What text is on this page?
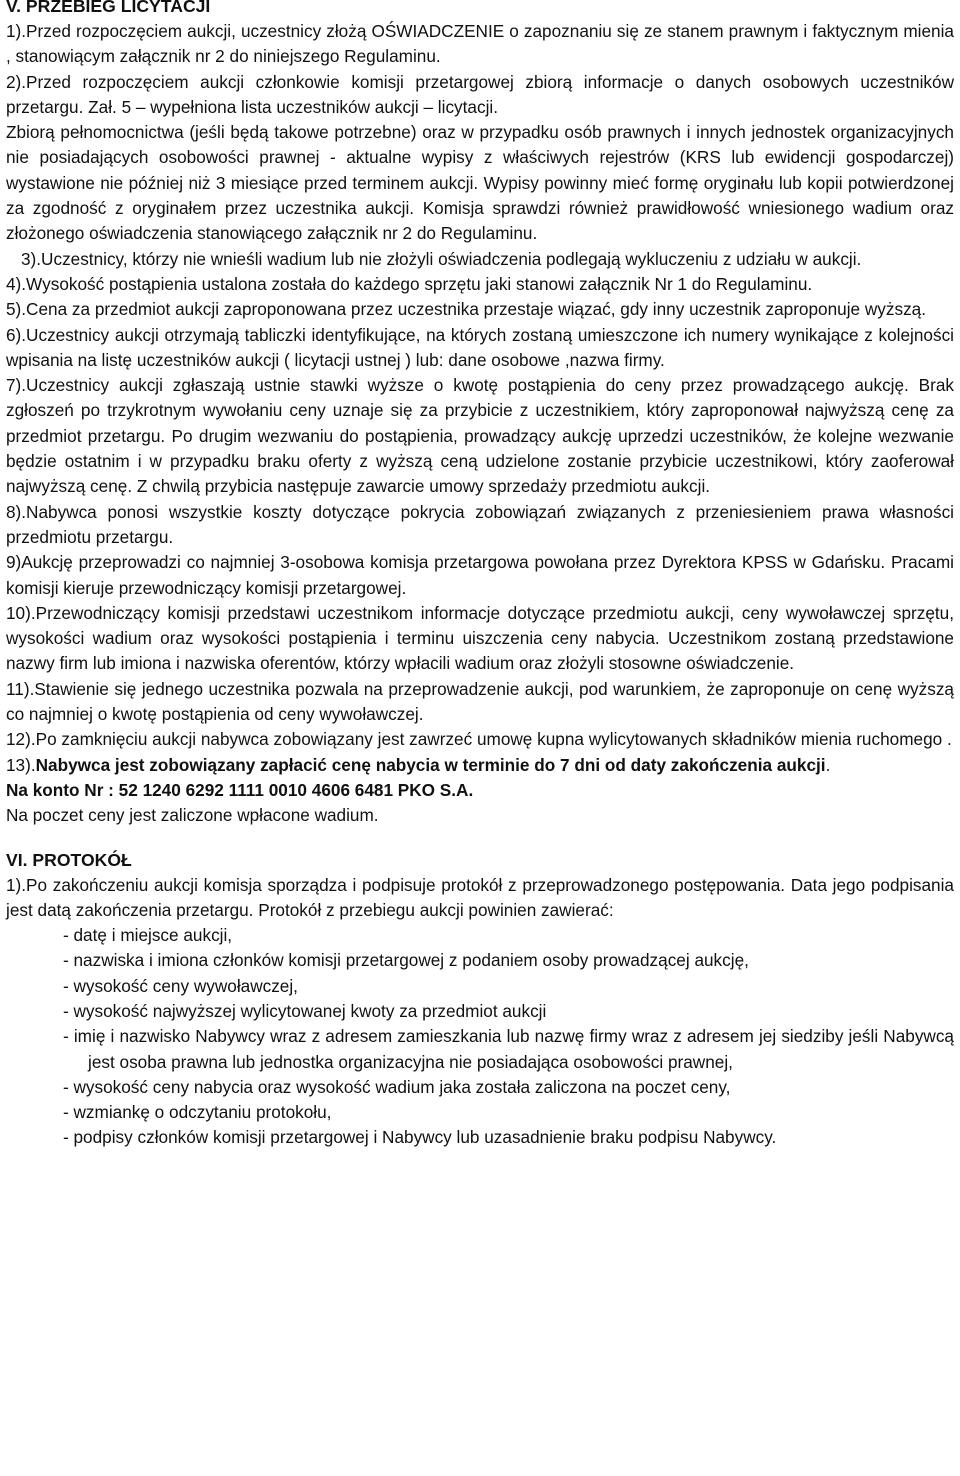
V. PRZEBIEG LICYTACJI

1).Przed rozpoczęciem aukcji, uczestnicy złożą OŚWIADCZENIE o zapoznaniu się ze stanem prawnym i faktycznym mienia , stanowiącym załącznik nr 2 do niniejszego Regulaminu.

2).Przed rozpoczęciem aukcji członkowie komisji przetargowej zbiorą informacje o danych osobowych uczestników przetargu. Zał. 5 – wypełniona lista uczestników aukcji – licytacji.

Zbiorą pełnomocnictwa (jeśli będą takowe potrzebne) oraz w przypadku osób prawnych i innych jednostek organizacyjnych nie posiadających osobowości prawnej - aktualne wypisy z właściwych rejestrów (KRS lub ewidencji gospodarczej) wystawione nie później niż 3 miesiące przed terminem aukcji. Wypisy powinny mieć formę oryginału lub kopii potwierdzonej za zgodność z oryginałem przez uczestnika aukcji. Komisja sprawdzi również prawidłowość wniesionego wadium oraz złożonego oświadczenia stanowiącego załącznik nr 2 do Regulaminu.

3).Uczestnicy, którzy nie wnieśli wadium lub nie złożyli oświadczenia podlegają wykluczeniu z udziału w aukcji.

4).Wysokość postąpienia ustalona została do każdego sprzętu jaki stanowi załącznik Nr 1 do Regulaminu.

5).Cena za przedmiot aukcji zaproponowana przez uczestnika przestaje wiązać, gdy inny uczestnik zaproponuje wyższą.

6).Uczestnicy aukcji otrzymają tabliczki identyfikujące, na których zostaną umieszczone ich numery wynikające z kolejności wpisania na listę uczestników aukcji ( licytacji ustnej ) lub: dane osobowe ,nazwa firmy.

7).Uczestnicy aukcji zgłaszają ustnie stawki wyższe o kwotę postąpienia do ceny przez prowadzącego aukcję. Brak zgłoszeń po trzykrotnym wywołaniu ceny uznaje się za przybicie z uczestnikiem, który zaproponował najwyższą cenę za przedmiot przetargu. Po drugim wezwaniu do postąpienia, prowadzący aukcję uprzedzi uczestników, że kolejne wezwanie będzie ostatnim i w przypadku braku oferty z wyższą ceną udzielone zostanie przybicie uczestnikowi, który zaoferował najwyższą cenę. Z chwilą przybicia następuje zawarcie umowy sprzedaży przedmiotu aukcji.

8).Nabywca ponosi wszystkie koszty dotyczące pokrycia zobowiązań związanych z przeniesieniem prawa własności przedmiotu przetargu.

9)Aukcję przeprowadzi co najmniej 3-osobowa komisja przetargowa powołana przez Dyrektora KPSS w Gdańsku. Pracami komisji kieruje przewodniczący komisji przetargowej.

10).Przewodniczący komisji przedstawi uczestnikom informacje dotyczące przedmiotu aukcji, ceny wywoławczej sprzętu, wysokości wadium oraz wysokości postąpienia i terminu uiszczenia ceny nabycia. Uczestnikom zostaną przedstawione nazwy firm lub imiona i nazwiska oferentów, którzy wpłacili wadium oraz złożyli stosowne oświadczenie.

11).Stawienie się jednego uczestnika pozwala na przeprowadzenie aukcji, pod warunkiem, że zaproponuje on cenę wyższą co najmniej o kwotę postąpienia od ceny wywoławczej.

12).Po zamknięciu aukcji nabywca zobowiązany jest zawrzeć umowę kupna wylicytowanych składników mienia ruchomego .

13).Nabywca jest zobowiązany zapłacić cenę nabycia w terminie do 7 dni od daty zakończenia aukcji.

Na konto Nr : 52 1240 6292 1111 0010 4606 6481 PKO S.A.

Na poczet ceny jest zaliczone wpłacone wadium.

VI. PROTOKÓŁ

1).Po zakończeniu aukcji komisja sporządza i podpisuje protokół z przeprowadzonego postępowania. Data jego podpisania jest datą zakończenia przetargu. Protokół z przebiegu aukcji powinien zawierać:

- datę i miejsce aukcji,
- nazwiska i imiona członków komisji przetargowej z podaniem osoby prowadzącej aukcję,
- wysokość ceny wywoławczej,
- wysokość najwyższej wylicytowanej kwoty za przedmiot aukcji
- imię i nazwisko Nabywcy wraz z adresem zamieszkania lub nazwę firmy wraz z adresem jej siedziby jeśli Nabywcą jest osoba prawna lub jednostka organizacyjna nie posiadająca osobowości prawnej,
- wysokość ceny nabycia oraz wysokość wadium jaka została zaliczona na poczet ceny,
- wzmiankę o odczytaniu protokołu,
- podpisy członków komisji przetargowej i Nabywcy lub uzasadnienie braku podpisu Nabywcy.
